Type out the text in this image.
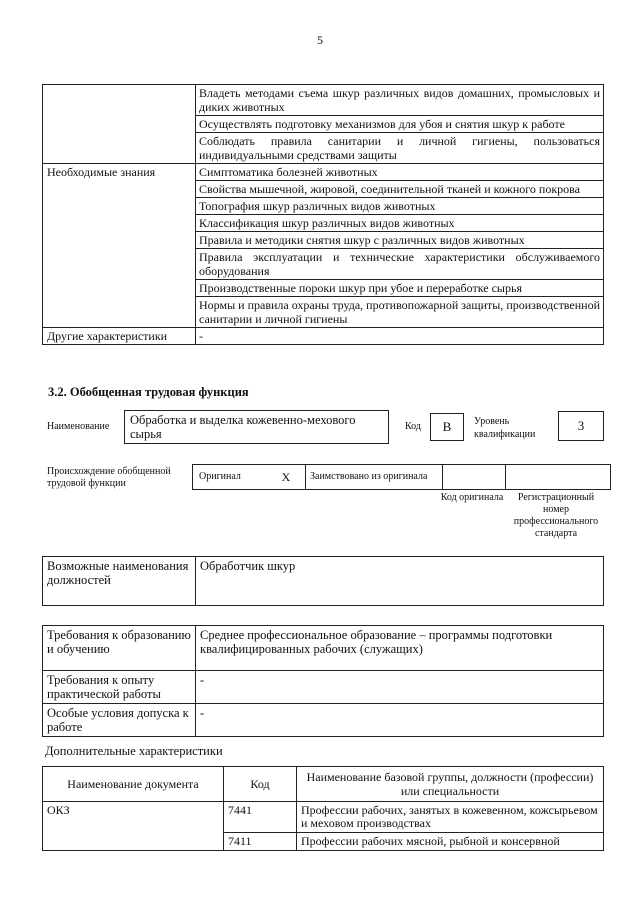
5
	Владеть методами съема шкур различных видов домашних, промысловых и диких животных
	Осуществлять подготовку механизмов для убоя и снятия шкур к работе
	Соблюдать правила санитарии и личной гигиены, пользоваться индивидуальными средствами защиты
Необходимые знания	Симптоматика болезней животных
	Свойства мышечной, жировой, соединительной тканей и кожного покрова
	Топография шкур различных видов животных
	Классификация шкур различных видов животных
	Правила и методики снятия шкур с различных видов животных
	Правила эксплуатации и технические характеристики обслуживаемого оборудования
	Производственные пороки шкур при убое и переработке сырья
	Нормы и правила охраны труда, противопожарной защиты, производственной санитарии и личной гигиены
Другие характеристики	-
3.2. Обобщенная трудовая функция
Наименование	Обработка и выделка кожевенно-мехового сырья
Код	В	Уровень квалификации
3
Происхождение обобщенной трудовой функции
Оригинал	X	Заимствовано из оригинала		
Код оригинала	Регистрационный номер профессионального стандарта
Возможные наименования должностей	Обработчик шкур
Требования к образованию и обучению	Среднее профессиональное образование – программы подготовки квалифицированных рабочих (служащих)
Требования к опыту практической работы	-
Особые условия допуска к работе	-
Дополнительные характеристики
Наименование документа	Код	Наименование базовой группы, должности (профессии) или специальности
ОКЗ	7441	Профессии рабочих, занятых в кожевенном, кожсырьевом и меховом производствах
	7411	Профессии рабочих мясной, рыбной и консервной
